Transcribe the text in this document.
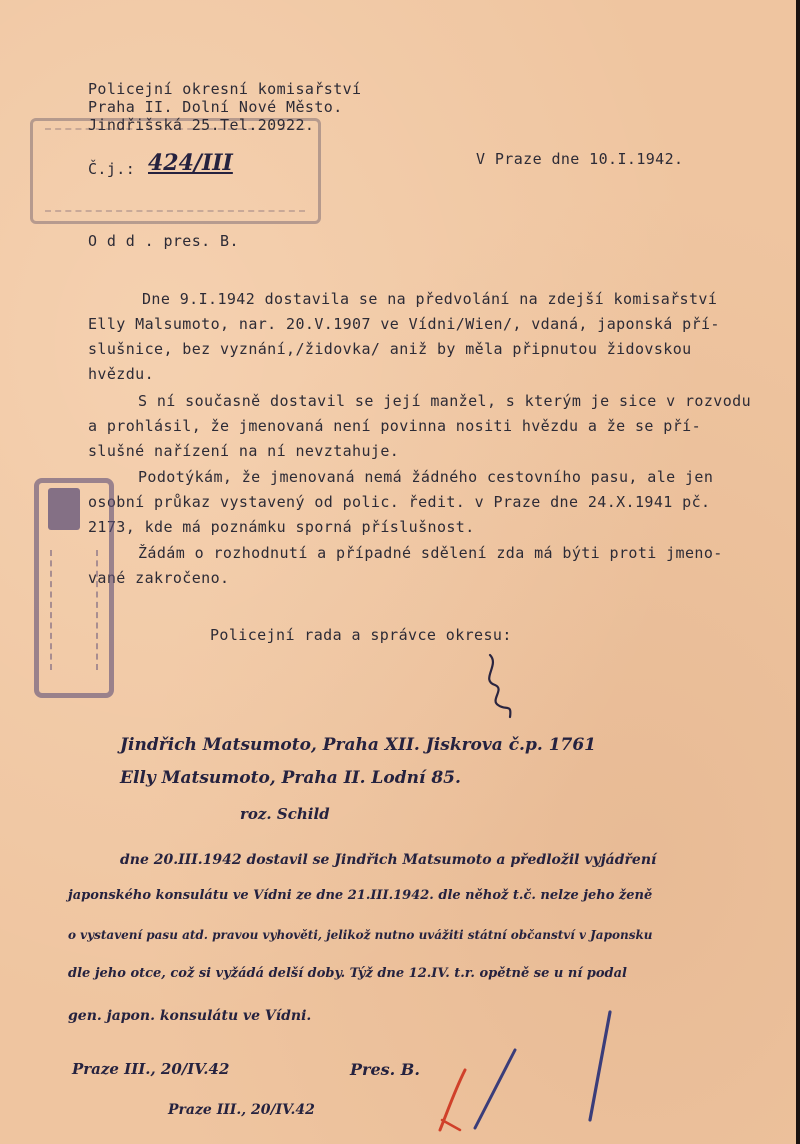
Policejní okresní komisařství
Praha II. Dolní Nové Město.
Jindřišská 25.Tel.20922.
Č.j.: 424/III	V Praze dne 10.I.1942.
O d d . pres. B.
Dne 9.I.1942 dostavila se na předvolání na zdejší komisařství
Elly Malsumoto, nar. 20.V.1907 ve Vídni/Wien/, vdaná, japonská pří-
slušnice, bez vyznání,/židovka/ aniž by měla připnutou židovskou
hvězdu.
S ní současně dostavil se její manžel, s kterým je sice v rozvodu
a prohlásil, že jmenovaná není povinna nositi hvězdu a že se pří-
slušné nařízení na ní nevztahuje.
Podotýkám, že jmenovaná nemá žádného cestovního pasu, ale jen
osobní průkaz vystavený od polic. ředit. v Praze dne 24.X.1941 pč.
2173, kde má poznámku sporná příslušnost.
Žádám o rozhodnutí a případné sdělení zda má býti proti jmeno-
vané zakročeno.
Policejní rada a správce okresu:
Jindřich Matsumoto, Praha XII. Jiskrova č.p. 1761
Elly Matsumoto, Praha II. Lodní 85.
roz. Schild
dne 20.III.1942 dostavil se Jindřich Matsumoto a předložil vyjádření
japonského konsulátu ve Vídni ze dne 21.III.1942. dle něhož t.č. nelze jeho ženě
o vystavení pasu atd. pravou vyhověti, jelikož nutno uvážiti státní občanství v Japonsku
dle jeho otce, což si vyžádá delší doby. Týž dne 12.IV. t.r. opětně se u ní podal
gen. japon. konsulátu ve Vídni.
Praze III., 20/IV.42	Pres. B.
Praze III., 20/IV.42
